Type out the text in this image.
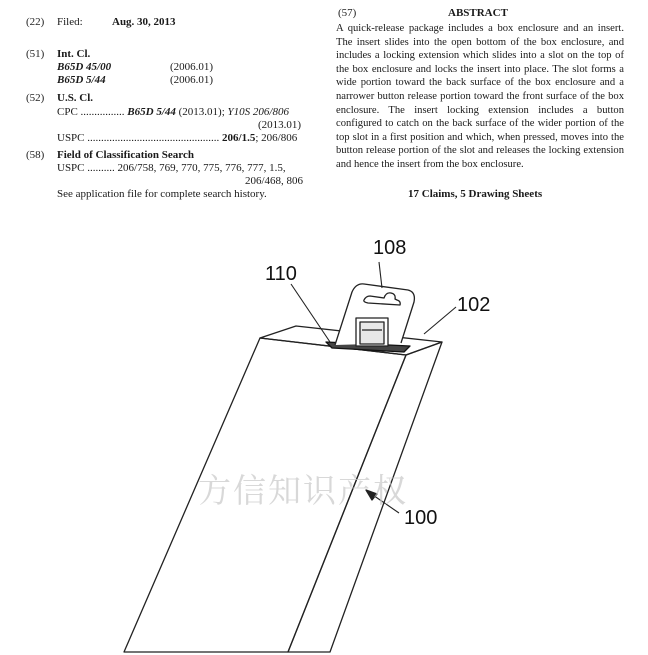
(22) Filed:	Aug. 30, 2013
(51) Int. Cl.
B65D 45/00	(2006.01)
B65D 5/44	(2006.01)
(52) U.S. Cl.
CPC ................ B65D 5/44 (2013.01); Y10S 206/806
(2013.01)
USPC ................................................ 206/1.5; 206/806
(58) Field of Classification Search
USPC .......... 206/758, 769, 770, 775, 776, 777, 1.5,
206/468, 806
See application file for complete search history.
(57)	ABSTRACT
A quick-release package includes a box enclosure and an insert. The insert slides into the open bottom of the box enclosure, and includes a locking extension which slides into a slot on the top of the box enclosure and locks the insert into place. The slot forms a wide portion toward the back surface of the box enclosure and a narrower button release portion toward the front surface of the box enclosure. The insert locking extension includes a button configured to catch on the back surface of the wider portion of the top slot in a first position and which, when pressed, moves into the button release portion of the slot and releases the locking extension and hence the insert from the box enclosure.
17 Claims, 5 Drawing Sheets
108
110
102
100
方信知识产权
